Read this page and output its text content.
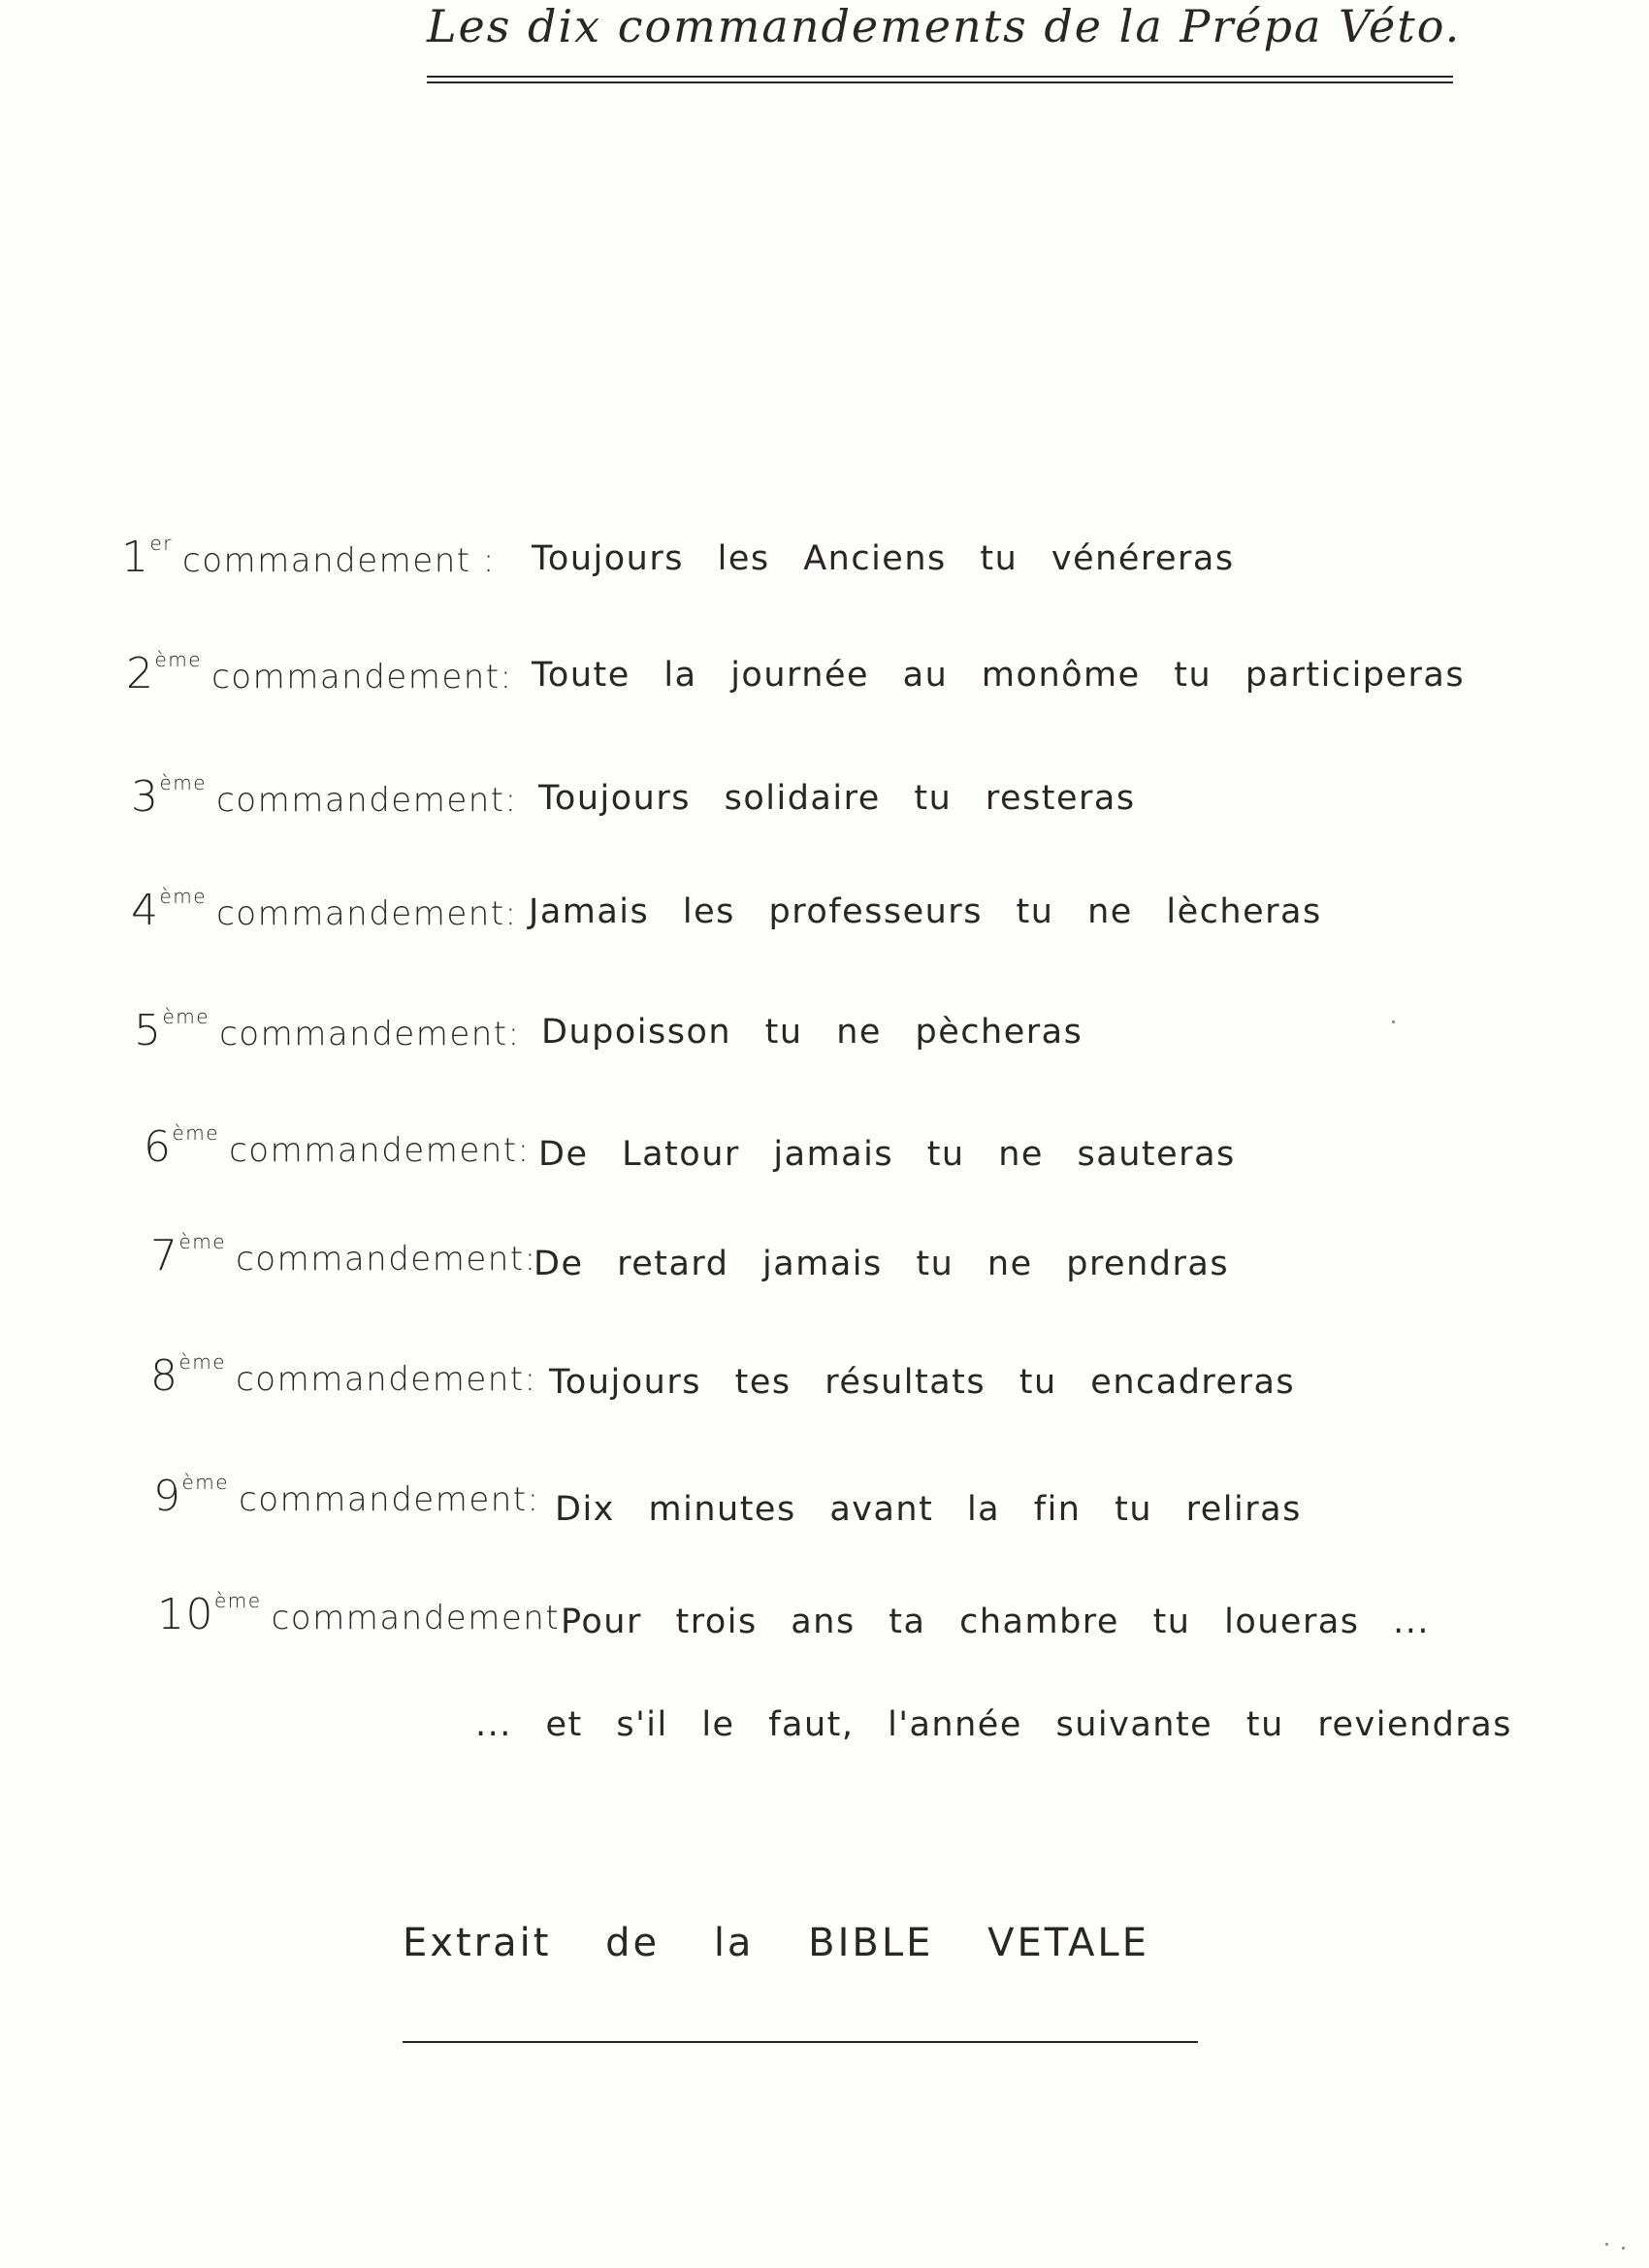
Les dix commandements de la Prépa Véto.
1er commandement : Toujours les Anciens tu vénéreras
2ème commandement: Toute la journée au monôme tu participeras
3ème commandement: Toujours solidaire tu resteras
4ème commandement: Jamais les professeurs tu ne lècheras
5ème commandement: Dupoisson tu ne pècheras
6ème commandement: De Latour jamais tu ne sauteras
7ème commandement:
De retard jamais tu ne prendras
8ème commandement: Toujours tes résultats tu encadreras
9ème commandement: Dix minutes avant la fin tu reliras
10ème commandement:
Pour trois ans ta chambre tu loueras ...
... et s'il le faut, l'année suivante tu reviendras
Extrait de la BIBLE VETALE
